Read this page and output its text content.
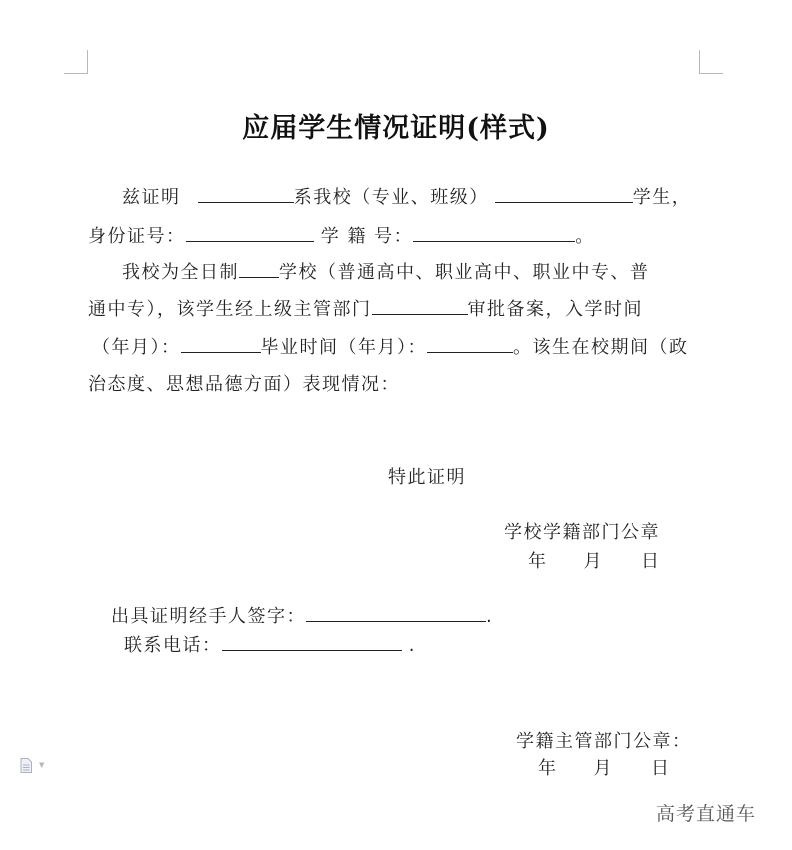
应届学生情况证明(样式)
兹证明	系我校（专业、班级）	学生，
身份证号：	学 籍 号：	。
我校为全日制 学校（普通高中、职业高中、职业中专、普
通中专），该学生经上级主管部门	审批备案，入学时间
（年月）：	毕业时间（年月）：	。该生在校期间（政
治态度、思想品德方面）表现情况：
特此证明
学校学籍部门公章
年 月 日
出具证明经手人签字：	.
联系电话：	.
学籍主管部门公章：
年 月 日
▼
高考直通车
